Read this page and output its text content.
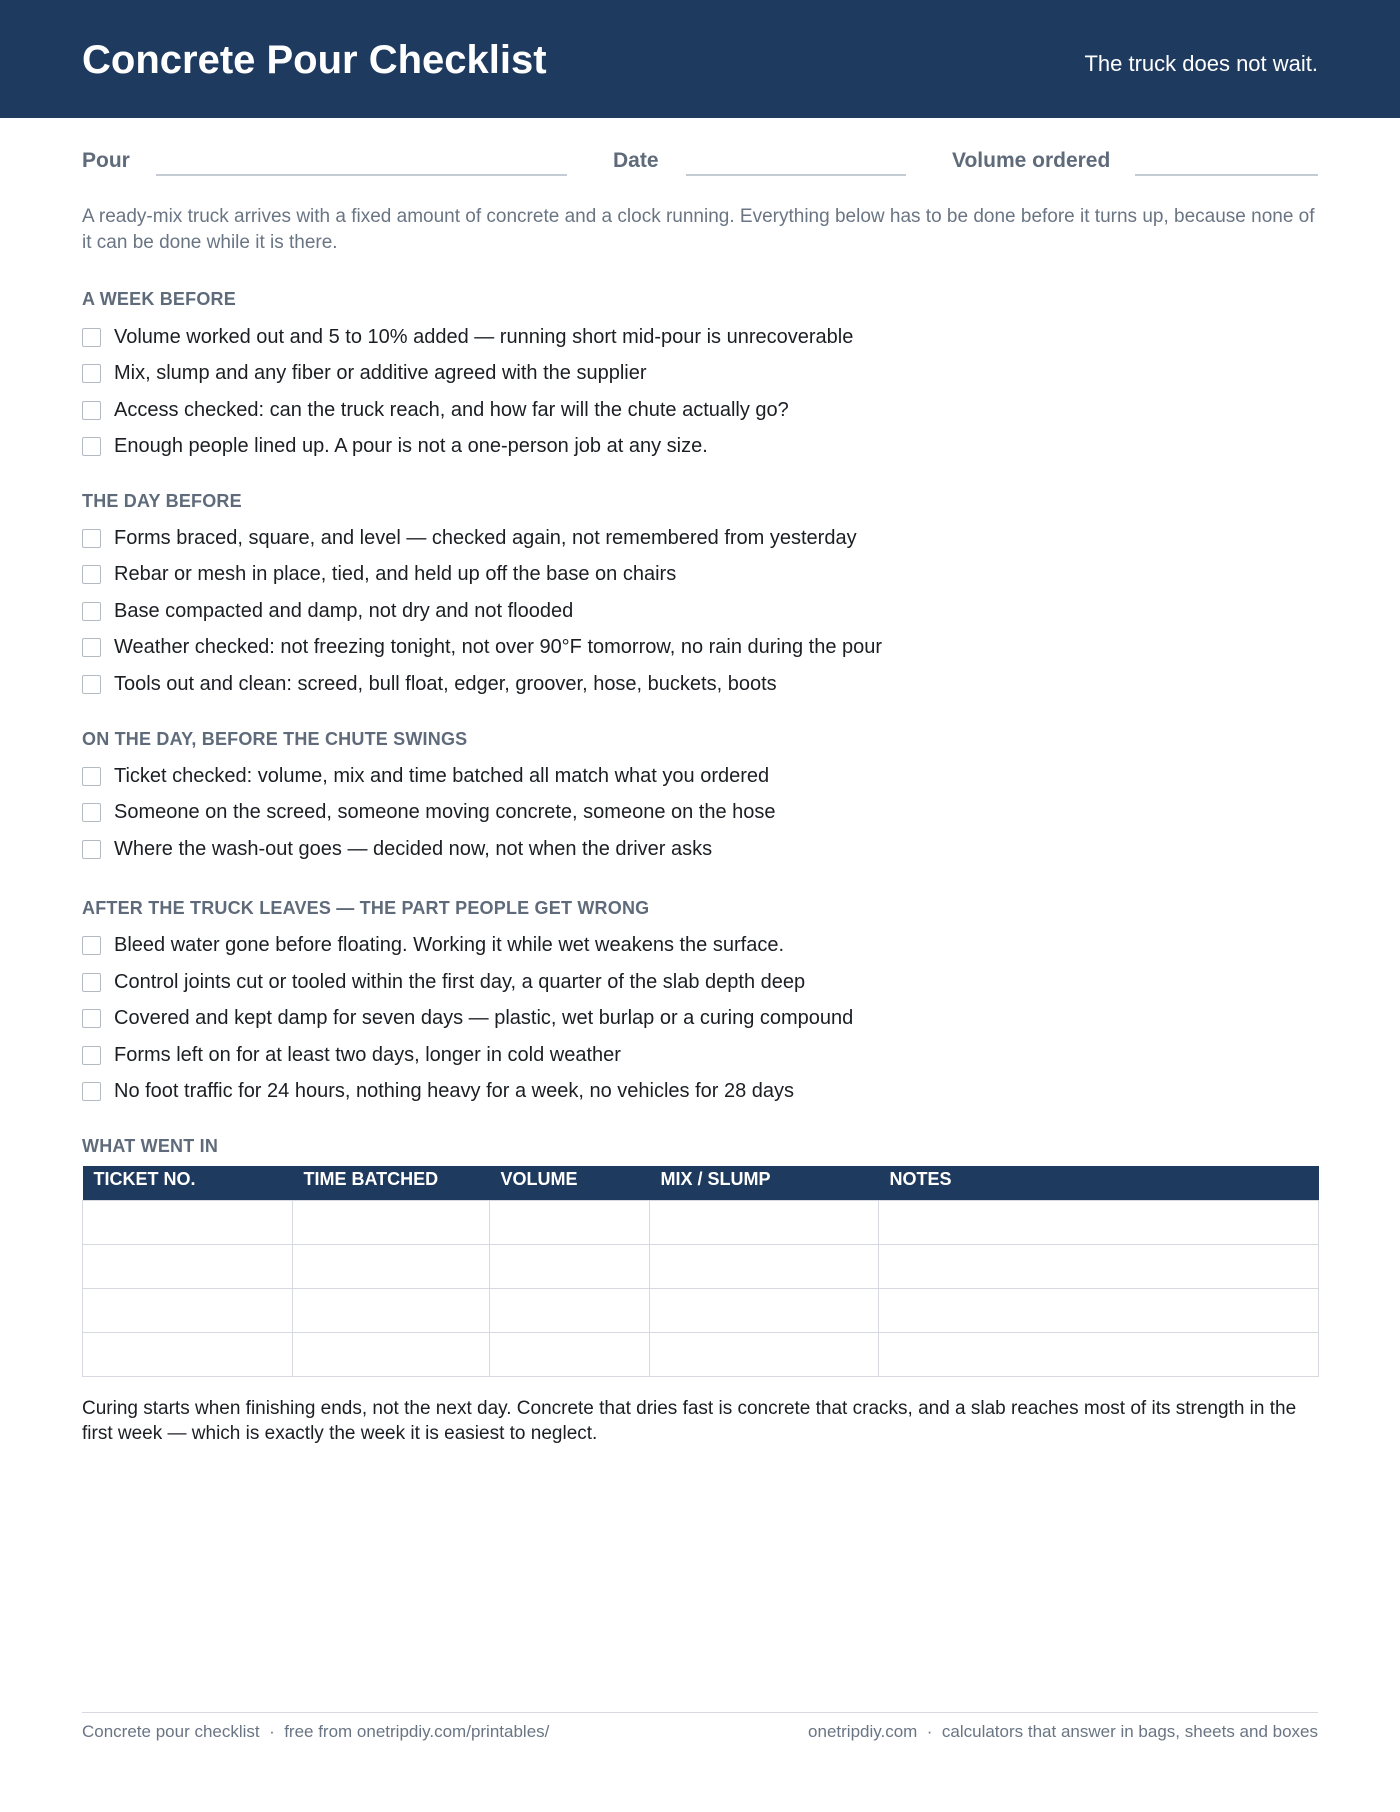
Concrete Pour Checklist	The truck does not wait.
Pour	Date	Volume ordered
A ready-mix truck arrives with a fixed amount of concrete and a clock running. Everything below has to be done before it turns up, because none of it can be done while it is there.
A WEEK BEFORE
Volume worked out and 5 to 10% added — running short mid-pour is unrecoverable
Mix, slump and any fiber or additive agreed with the supplier
Access checked: can the truck reach, and how far will the chute actually go?
Enough people lined up. A pour is not a one-person job at any size.
THE DAY BEFORE
Forms braced, square, and level — checked again, not remembered from yesterday
Rebar or mesh in place, tied, and held up off the base on chairs
Base compacted and damp, not dry and not flooded
Weather checked: not freezing tonight, not over 90°F tomorrow, no rain during the pour
Tools out and clean: screed, bull float, edger, groover, hose, buckets, boots
ON THE DAY, BEFORE THE CHUTE SWINGS
Ticket checked: volume, mix and time batched all match what you ordered
Someone on the screed, someone moving concrete, someone on the hose
Where the wash-out goes — decided now, not when the driver asks
AFTER THE TRUCK LEAVES — THE PART PEOPLE GET WRONG
Bleed water gone before floating. Working it while wet weakens the surface.
Control joints cut or tooled within the first day, a quarter of the slab depth deep
Covered and kept damp for seven days — plastic, wet burlap or a curing compound
Forms left on for at least two days, longer in cold weather
No foot traffic for 24 hours, nothing heavy for a week, no vehicles for 28 days
WHAT WENT IN
TICKET NO.	TIME BATCHED	VOLUME	MIX / SLUMP	NOTES

Curing starts when finishing ends, not the next day. Concrete that dries fast is concrete that cracks, and a slab reaches most of its strength in the first week — which is exactly the week it is easiest to neglect.
Concrete pour checklist  ·  free from onetripdiy.com/printables/	onetripdiy.com  ·  calculators that answer in bags, sheets and boxes
